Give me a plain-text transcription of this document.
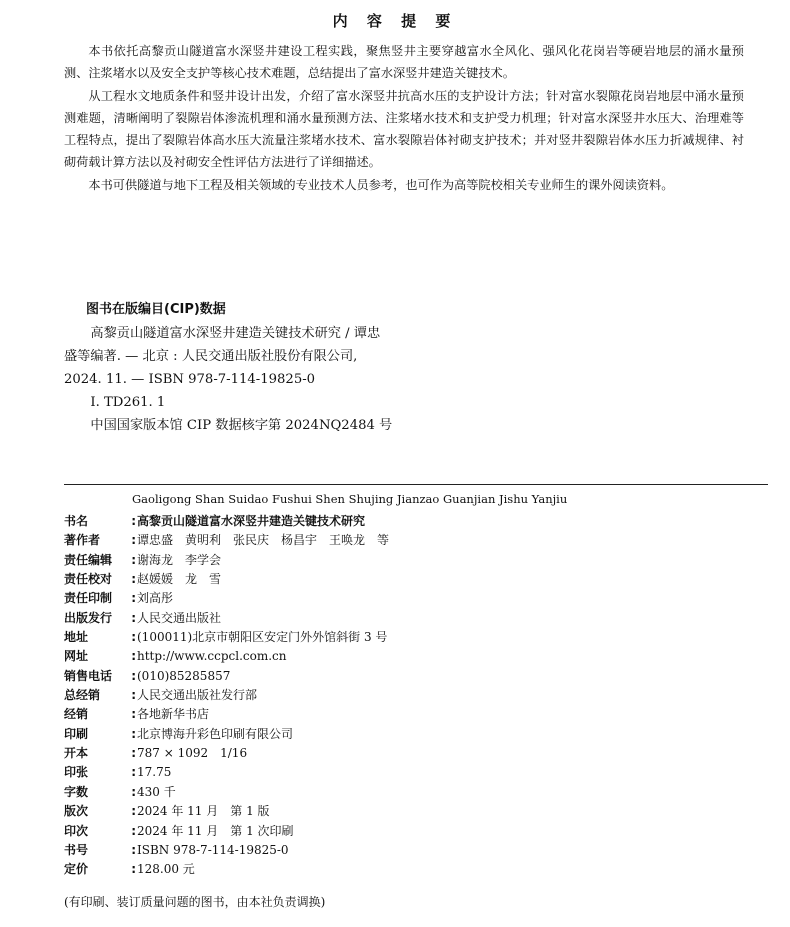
内 容 提 要

本书依托高黎贡山隧道富水深竖井建设工程实践，聚焦竖井主要穿越富水全风化、强风化花岗岩等硬岩地层的涌水量预测、注浆堵水以及安全支护等核心技术难题，总结提出了富水深竖井建造关键技术。

从工程水文地质条件和竖井设计出发，介绍了富水深竖井抗高水压的支护设计方法；针对富水裂隙花岗岩地层中涌水量预测难题，清晰阐明了裂隙岩体渗流机理和涌水量预测方法、注浆堵水技术和支护受力机理；针对富水深竖井水压大、治理难等工程特点，提出了裂隙岩体高水压大流量注浆堵水技术、富水裂隙岩体衬砌支护技术；并对竖井裂隙岩体水压力折减规律、衬砌荷载计算方法以及衬砌安全性评估方法进行了详细描述。

本书可供隧道与地下工程及相关领域的专业技术人员参考，也可作为高等院校相关专业师生的课外阅读资料。

图书在版编目(CIP)数据
高黎贡山隧道富水深竖井建造关键技术研究 / 谭忠
盛等编著. — 北京 : 人民交通出版社股份有限公司,
2024. 11. — ISBN 978-7-114-19825-0
Ⅰ. TD261. 1
中国国家版本馆 CIP 数据核字第 2024NQ2484 号
Gaoligong Shan Suidao Fushui Shen Shujing Jianzao Guanjian Jishu Yanjiu
书名	: 高黎贡山隧道富水深竖井建造关键技术研究
著作者	: 谭忠盛　黄明利　张民庆　杨昌宇　王唤龙　等
责任编辑 : 谢海龙　李学会
责任校对 : 赵媛媛　龙　雪
责任印制 : 刘高彤
出版发行 : 人民交通出版社
地址	: (100011)北京市朝阳区安定门外外馆斜街 3 号
网址	: http://www.ccpcl.com.cn
销售电话 : (010)85285857
总经销	: 人民交通出版社发行部
经销	: 各地新华书店
印刷	: 北京博海升彩色印刷有限公司
开本	: 787 × 1092　1/16
印张	: 17.75
字数	: 430 千
版次	: 2024 年 11 月　第 1 版
印次	: 2024 年 11 月　第 1 次印刷
书号	: ISBN 978-7-114-19825-0
定价	: 128.00 元
(有印刷、装订质量问题的图书，由本社负责调换)
